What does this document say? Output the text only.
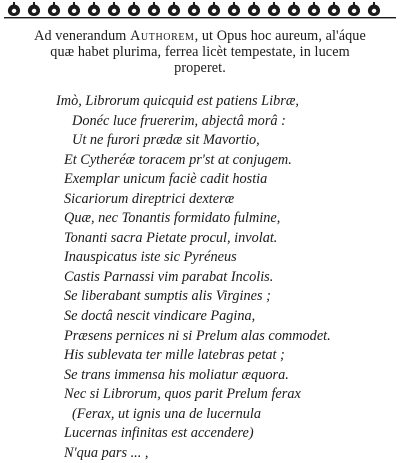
Ad venerandum Authorem, ut Opus hoc aureum, al'áque quæ habet plurima, ferrea licèt tempestate, in lucem properet.
Imò, Librorum quicquid est patiens Libræ,
Donéc luce fruererim, abjectâ morâ :
Ut ne furori prædæ sit Mavortio,
Et Cytheréæ toracem pr'st at conjugem.
Exemplar unicum faciè cadit hostia
Sicariorum direptrici dexteræ
Quæ, nec Tonantis formidato fulmine,
Tonanti sacra Pietate procul, involat.
Inauspicatus iste sic Pyréneus
Castis Parnassi vim parabat Incolis.
Se liberabant sumptis alis Virgines ;
Se doctâ nescit vindicare Pagina,
Præsens pernices ni si Prelum alas commodet.
His sublevata ter mille latebras petat ;
Se trans immensa his moliatur æquora.
Nec si Librorum, quos parit Prelum ferax
(Ferax, ut ignis una de lucernula
Lucernas infinitas est accendere)
N'qua pars ... ,
